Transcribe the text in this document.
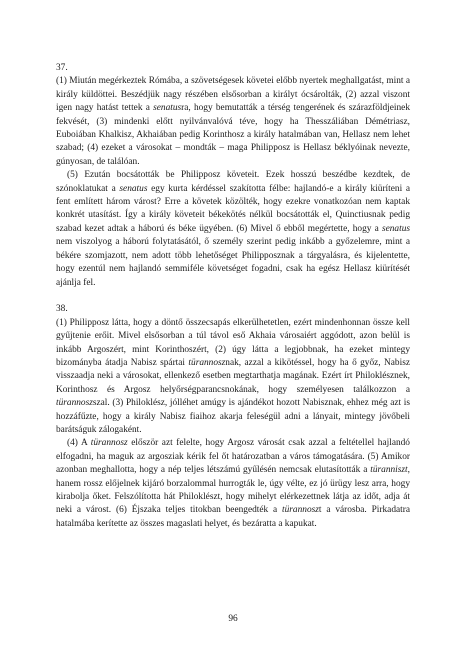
37.

(1) Miután megérkeztek Rómába, a szövetségesek követei előbb nyertek meghallgatást, mint a király küldöttei. Beszédjük nagy részében elsősorban a királyt ócsárolták, (2) azzal viszont igen nagy hatást tettek a senatusra, hogy bemutatták a térség tengerének és szárazföldjeinek fekvését, (3) mindenki előtt nyilvánvalóvá téve, hogy ha Thesszáliában Démétriasz, Euboiában Khalkisz, Akhaiában pedig Korinthosz a király hatalmában van, Hellasz nem lehet szabad; (4) ezeket a városokat – mondták – maga Philipposz is Hellasz béklyóinak nevezte, gúnyosan, de találóan.

(5) Ezután bocsátották be Philipposz követeit. Ezek hosszú beszédbe kezdtek, de szónoklatukat a senatus egy kurta kérdéssel szakította félbe: hajlandó-e a király kiüríteni a fent említett három várost? Erre a követek közölték, hogy ezekre vonatkozóan nem kaptak konkrét utasítást. Így a király követeit békekötés nélkül bocsátották el, Quinctiusnak pedig szabad kezet adtak a háború és béke ügyében. (6) Mivel ő ebből megértette, hogy a senatus nem viszolyog a háború folytatásától, ő személy szerint pedig inkább a győzelemre, mint a békére szomjazott, nem adott több lehetőséget Philipposznak a tárgyalásra, és kijelentette, hogy ezentúl nem hajlandó semmiféle követséget fogadni, csak ha egész Hellasz kiürítését ajánlja fel.

38.

(1) Philipposz látta, hogy a döntő összecsapás elkerülhetetlen, ezért mindenhonnan össze kell gyűjtenie erőit. Mivel elsősorban a túl távol eső Akhaia városaiért aggódott, azon belül is inkább Argoszért, mint Korinthoszért, (2) úgy látta a legjobbnak, ha ezeket mintegy bizományba átadja Nabisz spártai türannosznak, azzal a kikötéssel, hogy ha ő győz, Nabisz visszaadja neki a városokat, ellenkező esetben megtarthatja magának. Ezért írt Philoklésznek, Korinthosz és Argosz helyőrségparancsnokának, hogy személyesen találkozzon a türannoszszal. (3) Philoklész, jólléhet amúgy is ajándékot hozott Nabisznak, ehhez még azt is hozzáfűzte, hogy a király Nabisz fiaihoz akarja feleségül adni a lányait, mintegy jövőbeli barátságuk zálogaként.

(4) A türannosz először azt felelte, hogy Argosz városát csak azzal a feltétellel hajlandó elfogadni, ha maguk az argosziak kérik fel őt határozatban a város támogatására. (5) Amikor azonban meghallotta, hogy a nép teljes létszámú gyűlésén nemcsak elutasították a türanniszt, hanem rossz előjelnek kijáró borzalommal hurrogták le, úgy vélte, ez jó ürügy lesz arra, hogy kirabolja őket. Felszólította hát Philoklészt, hogy mihelyt elérkezettnek látja az időt, adja át neki a várost. (6) Éjszaka teljes titokban beengedték a türannoszt a városba. Pirkadatra hatalmába kerítette az összes magaslati helyet, és bezáratta a kapukat.

96
